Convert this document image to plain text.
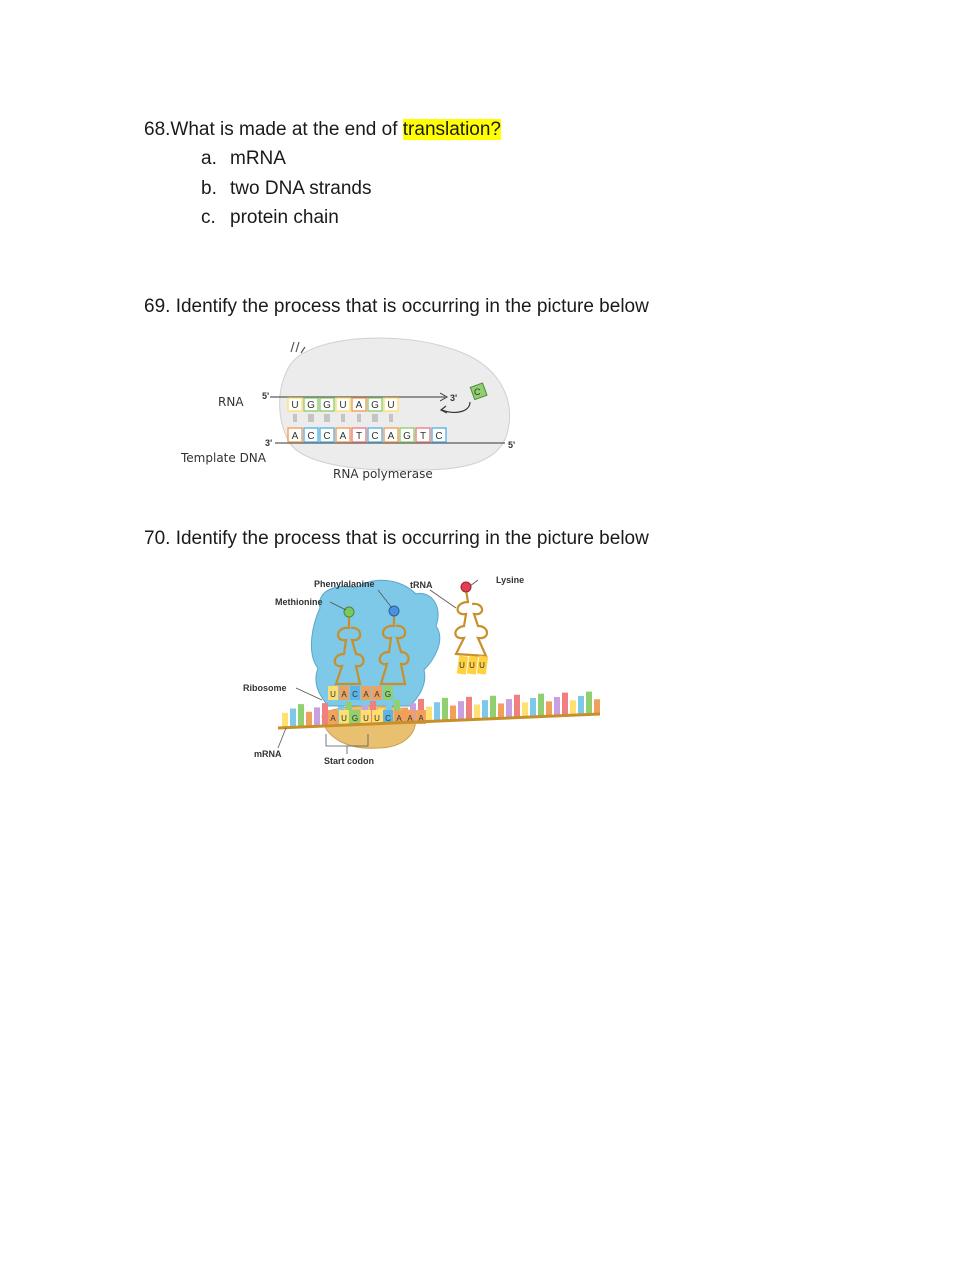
68.What is made at the end of translation?
a. mRNA
b. two DNA strands
c. protein chain
69. Identify the process that is occurring in the picture below
RNA 5'	3'
U G G U A G U
C
3'	5'
A C C A T C A G T C
Template DNA
RNA polymerase
70. Identify the process that is occurring in the picture below
U U U
U A C A A G
A U G U U C A A A
Phenylalanine	tRNA	Lysine
Methionine
Ribosome
mRNA
Start codon
